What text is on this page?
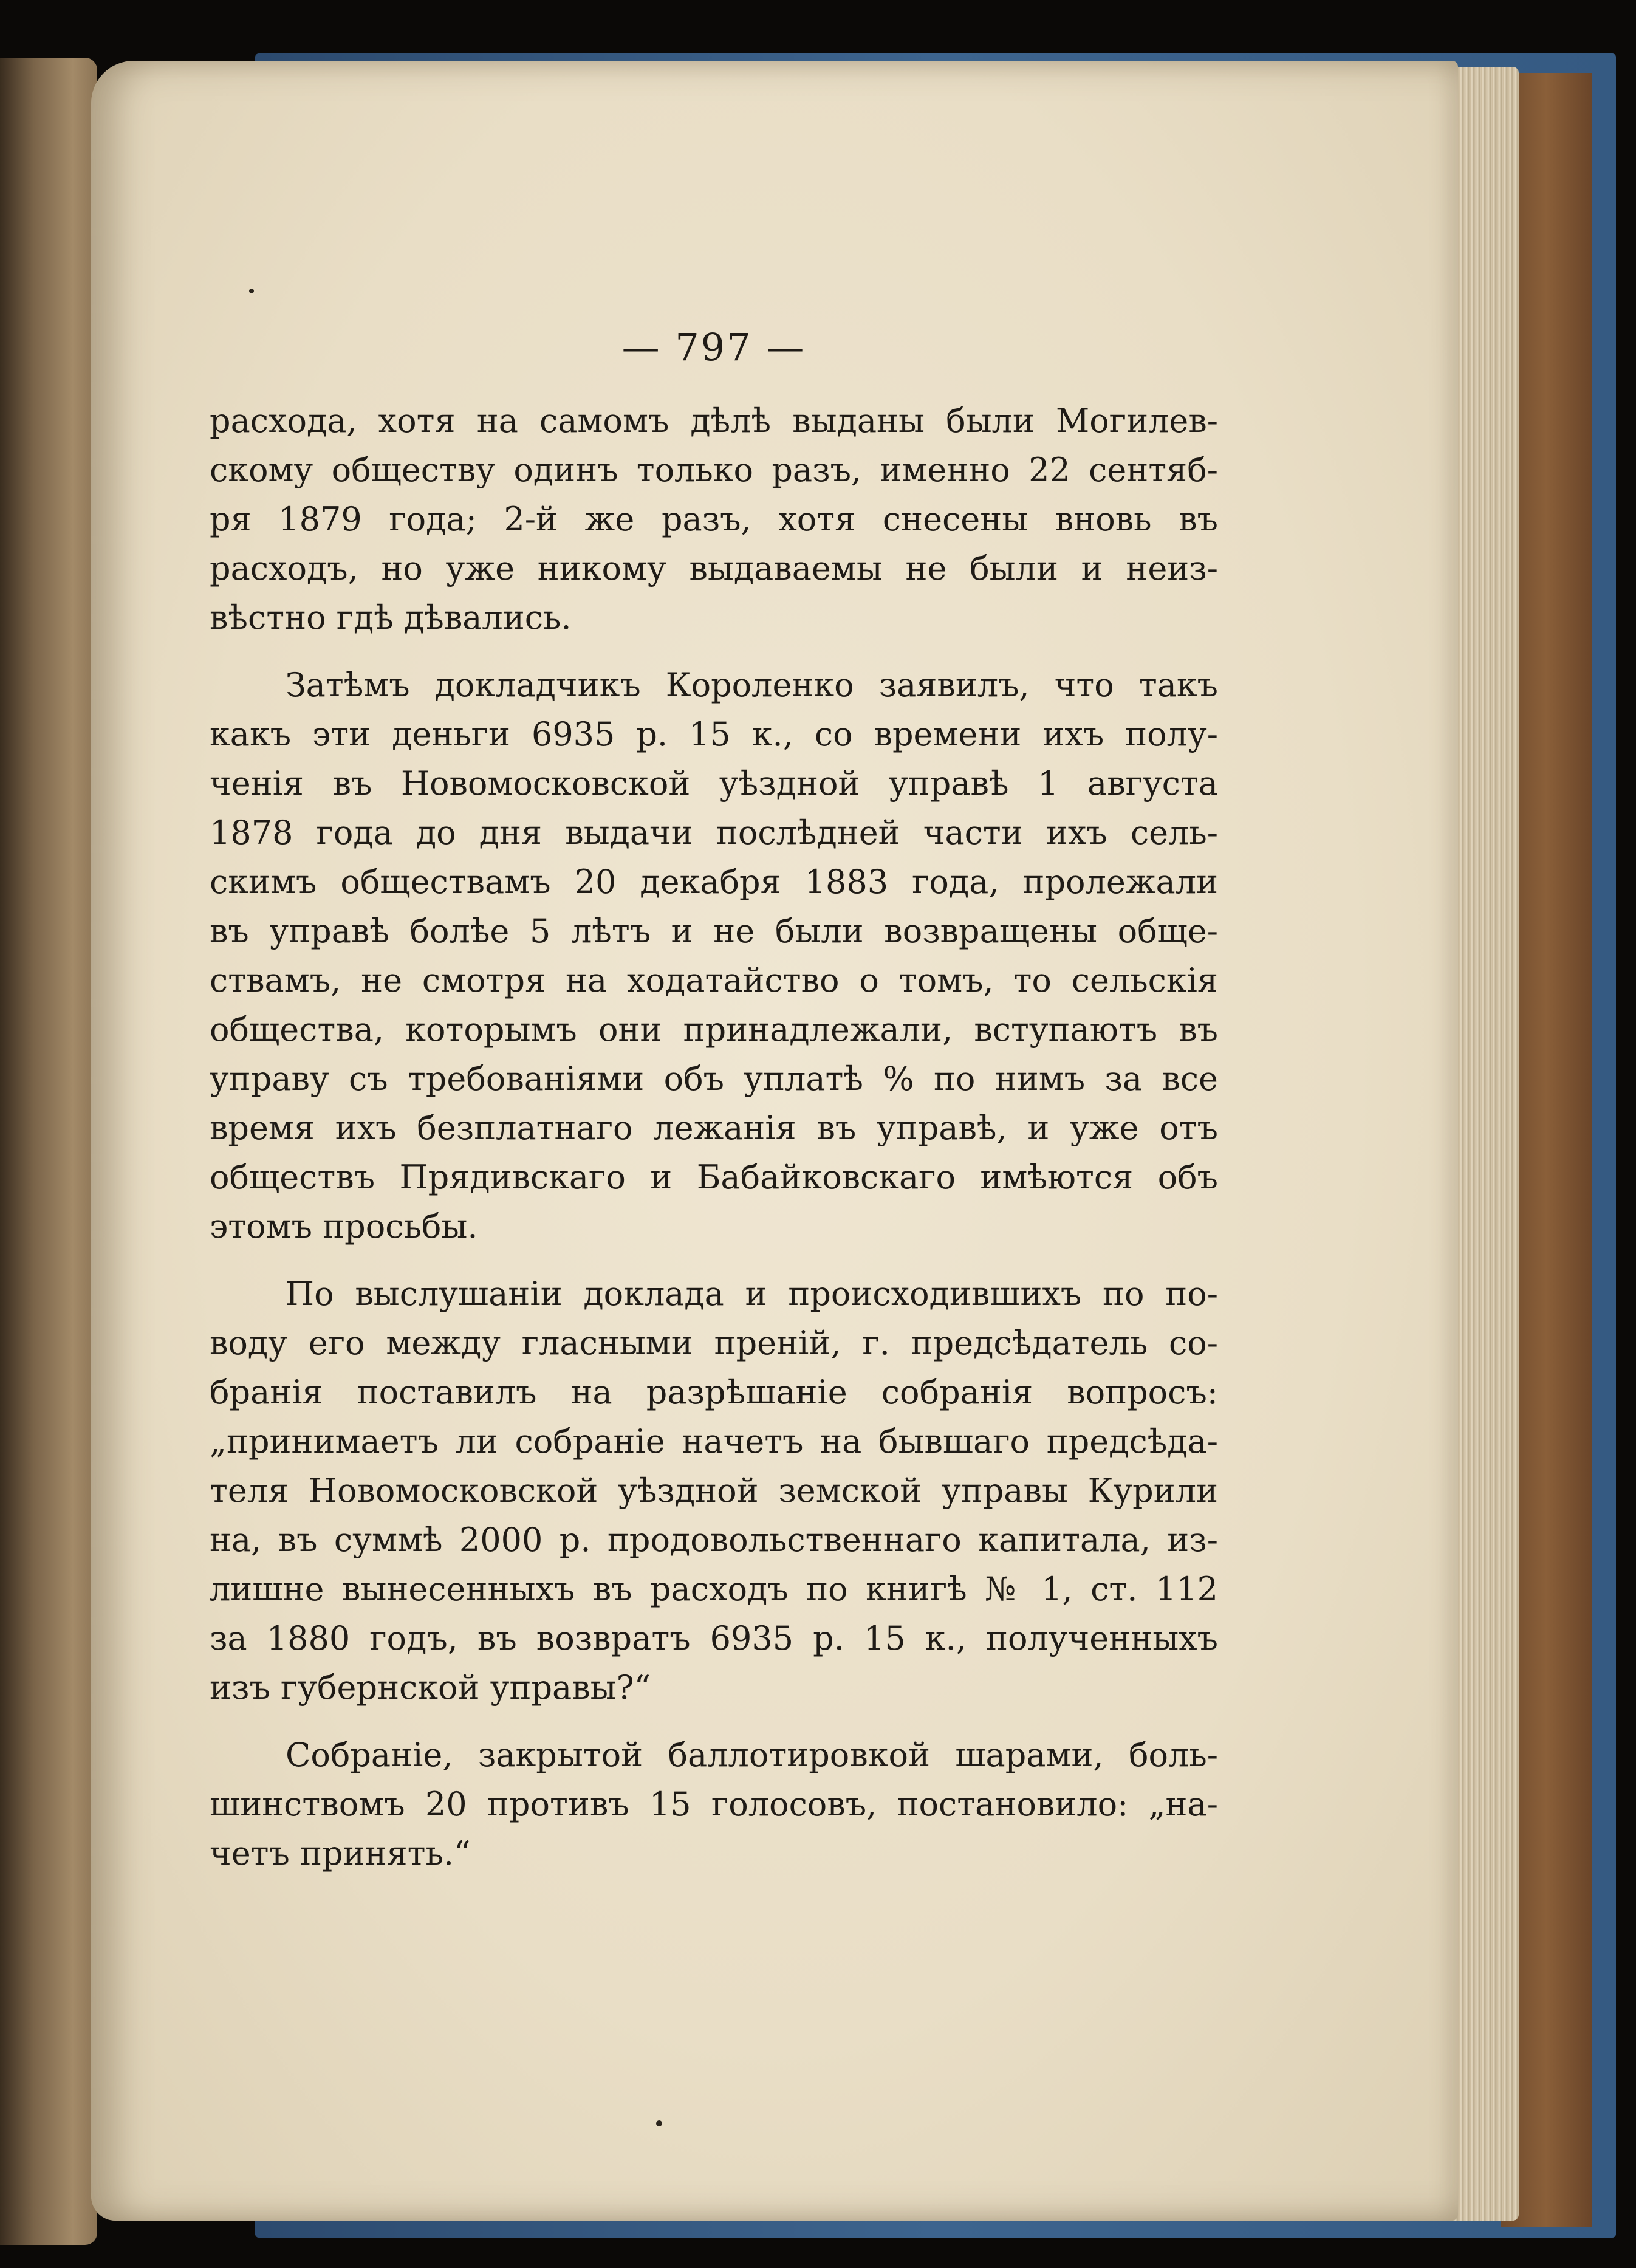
— 797 —

расхода, хотя на самомъ дѣлѣ выданы были Могилев-

скому обществу одинъ только разъ, именно 22 сентяб-

ря 1879 года; 2-й же разъ, хотя снесены вновь въ

расходъ, но уже никому выдаваемы не были и неиз-

вѣстно гдѣ дѣвались.

Затѣмъ докладчикъ Короленко заявилъ, что такъ

какъ эти деньги 6935 р. 15 к., со времени ихъ полу-

ченія въ Новомосковской уѣздной управѣ 1 августа

1878 года до дня выдачи послѣдней части ихъ сель-

скимъ обществамъ 20 декабря 1883 года, пролежали

въ управѣ болѣе 5 лѣтъ и не были возвращены обще-

ствамъ, не смотря на ходатайство о томъ, то сельскія

общества, которымъ они принадлежали, вступаютъ въ

управу съ требованіями объ уплатѣ % по нимъ за все

время ихъ безплатнаго лежанія въ управѣ, и уже отъ

обществъ Прядивскаго и Бабайковскаго имѣются объ

этомъ просьбы.

По выслушаніи доклада и происходившихъ по по-

воду его между гласными преній, г. предсѣдатель со-

бранія поставилъ на разрѣшаніе собранія вопросъ:

„принимаетъ ли собраніе начетъ на бывшаго предсѣда-

теля Новомосковской уѣздной земской управы Курили

на, въ суммѣ 2000 р. продовольственнаго капитала, из-

лишне вынесенныхъ въ расходъ по книгѣ № 1, ст. 112

за 1880 годъ, въ возвратъ 6935 р. 15 к., полученныхъ

изъ губернской управы?“

Собраніе, закрытой баллотировкой шарами, боль-

шинствомъ 20 противъ 15 голосовъ, постановило: „на-

четъ принять.“
